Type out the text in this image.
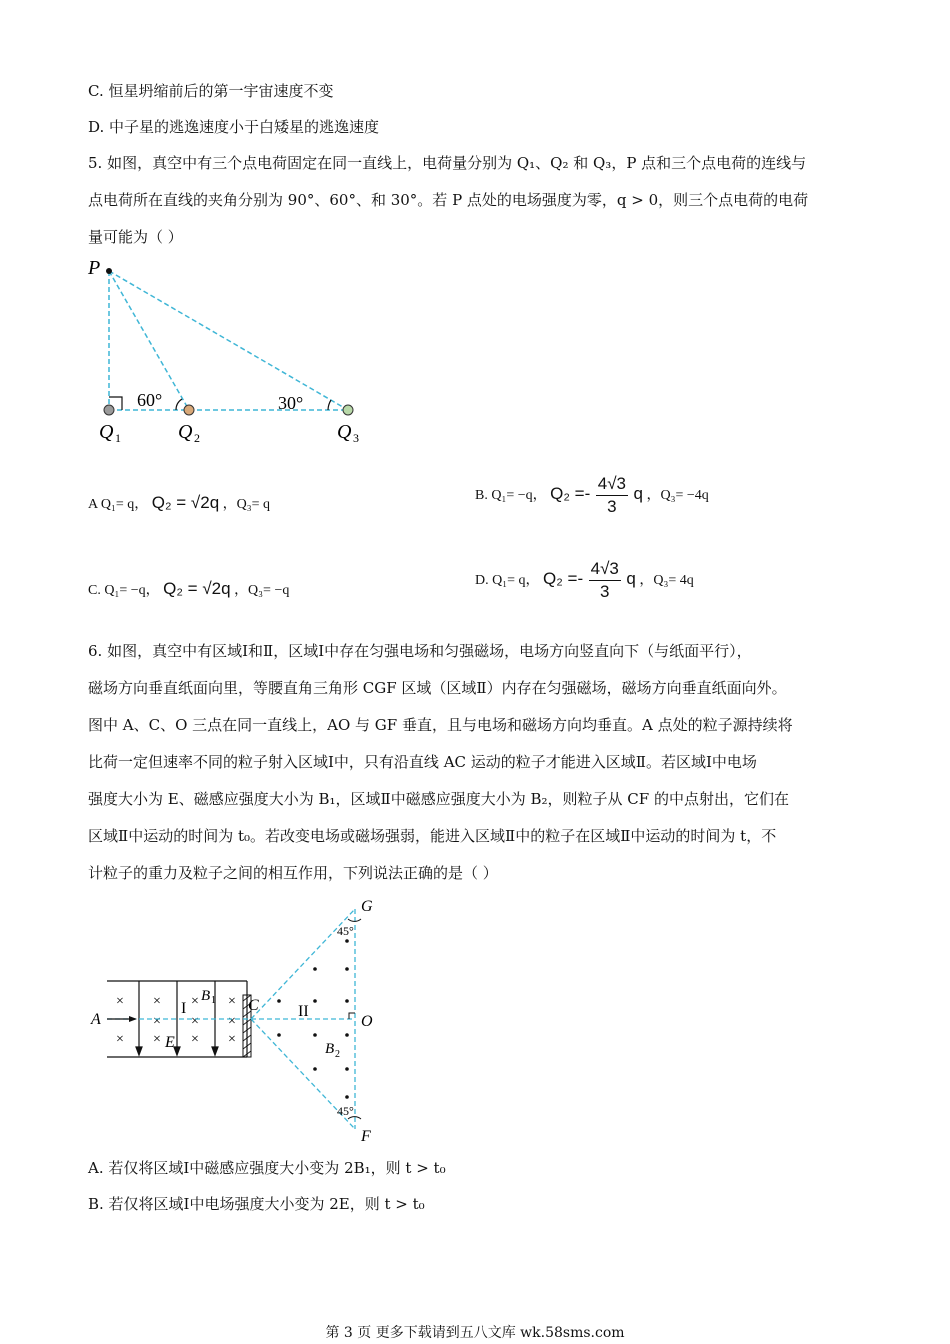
C. 恒星坍缩前后的第一宇宙速度不变
D. 中子星的逃逸速度小于白矮星的逃逸速度
5. 如图，真空中有三个点电荷固定在同一直线上，电荷量分别为 Q₁、Q₂ 和 Q₃，P 点和三个点电荷的连线与
点电荷所在直线的夹角分别为 90°、60°、和 30°。若 P 点处的电场强度为零，q > 0，则三个点电荷的电荷
量可能为（ ）
P
60°	30°
Q 1	Q 2	Q 3
A Q₁= q， Q₂ = √2q ，Q₃= q
B. Q₁= −q， $Q_2 =- \frac{4√3}{3}$ q ，Q₃= −4q
C. Q₁= −q， Q₂ = √2q ，Q₃= −q
D. Q₁= q， $Q_2 =- \frac{4√3}{3}$ q ，Q₃= 4q
6. 如图，真空中有区域Ⅰ和Ⅱ，区域Ⅰ中存在匀强电场和匀强磁场，电场方向竖直向下（与纸面平行），
磁场方向垂直纸面向里，等腰直角三角形 CGF 区域（区域Ⅱ）内存在匀强磁场，磁场方向垂直纸面向外。
图中 A、C、O 三点在同一直线上，AO 与 GF 垂直，且与电场和磁场方向均垂直。A 点处的粒子源持续将
比荷一定但速率不同的粒子射入区域Ⅰ中，只有沿直线 AC 运动的粒子才能进入区域Ⅱ。若区域Ⅰ中电场
强度大小为 E、磁感应强度大小为 B₁，区域Ⅱ中磁感应强度大小为 B₂，则粒子从 CF 的中点射出，它们在
区域Ⅱ中运动的时间为 t₀。若改变电场或磁场强弱，能进入区域Ⅱ中的粒子在区域Ⅱ中运动的时间为 t，不
计粒子的重力及粒子之间的相互作用，下列说法正确的是（ ）
× × × ×
× × ×
× × × ×
A
C
O
G
F
E
I
B 1
II
B 2
45°
45°
A. 若仅将区域Ⅰ中磁感应强度大小变为 2B₁，则 t > t₀
B. 若仅将区域Ⅰ中电场强度大小变为 2E，则 t > t₀
第 3 页 更多下载请到五八文库 wk.58sms.com
